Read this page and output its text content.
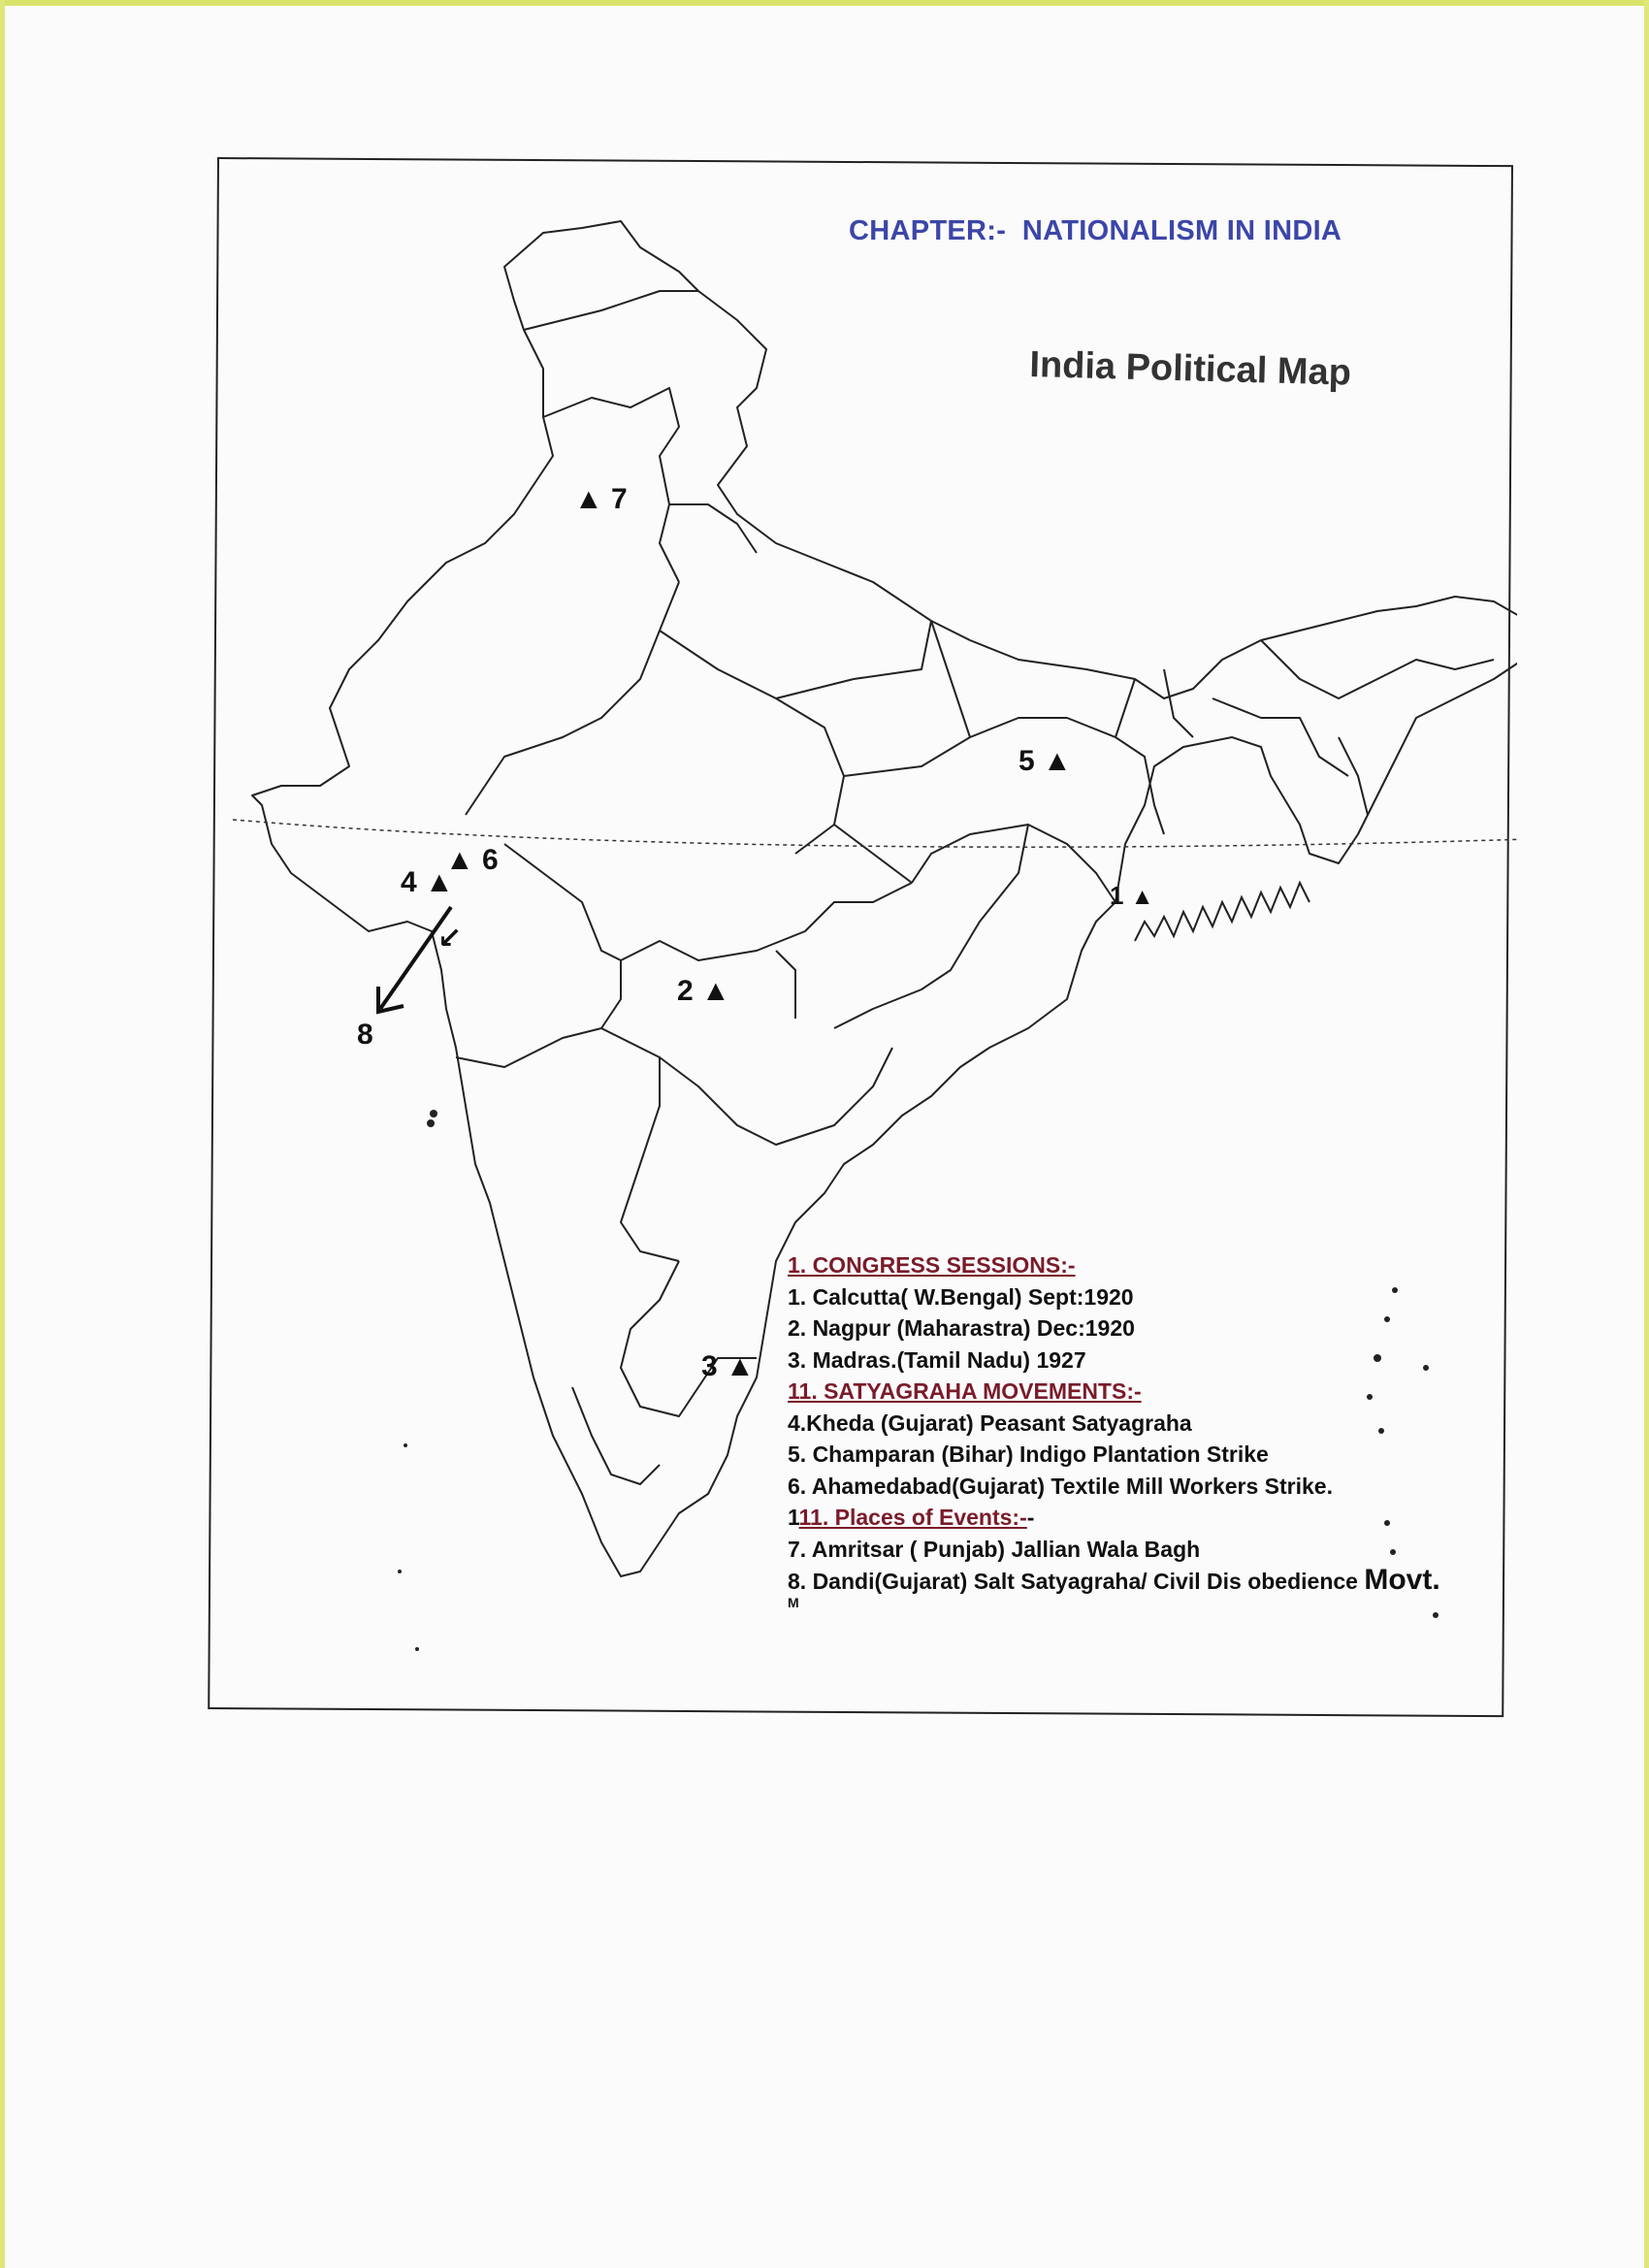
CHAPTER:-  NATIONALISM IN INDIA
India Political Map
▲ 7
5 ▲
4 ▲
▲ 6
↙
8
1 ▲
2 ▲
3 ▲
1. CONGRESS SESSIONS:-
1. Calcutta( W.Bengal) Sept:1920
2. Nagpur (Maharastra) Dec:1920
3. Madras.(Tamil Nadu) 1927
11. SATYAGRAHA MOVEMENTS:-
4.Kheda (Gujarat) Peasant Satyagraha
5. Champaran (Bihar) Indigo Plantation Strike
6. Ahamedabad(Gujarat) Textile Mill Workers Strike.
111. Places of Events:--
7. Amritsar ( Punjab) Jallian Wala Bagh
8. Dandi(Gujarat) Salt Satyagraha/ Civil Dis obedience Movt.
M
